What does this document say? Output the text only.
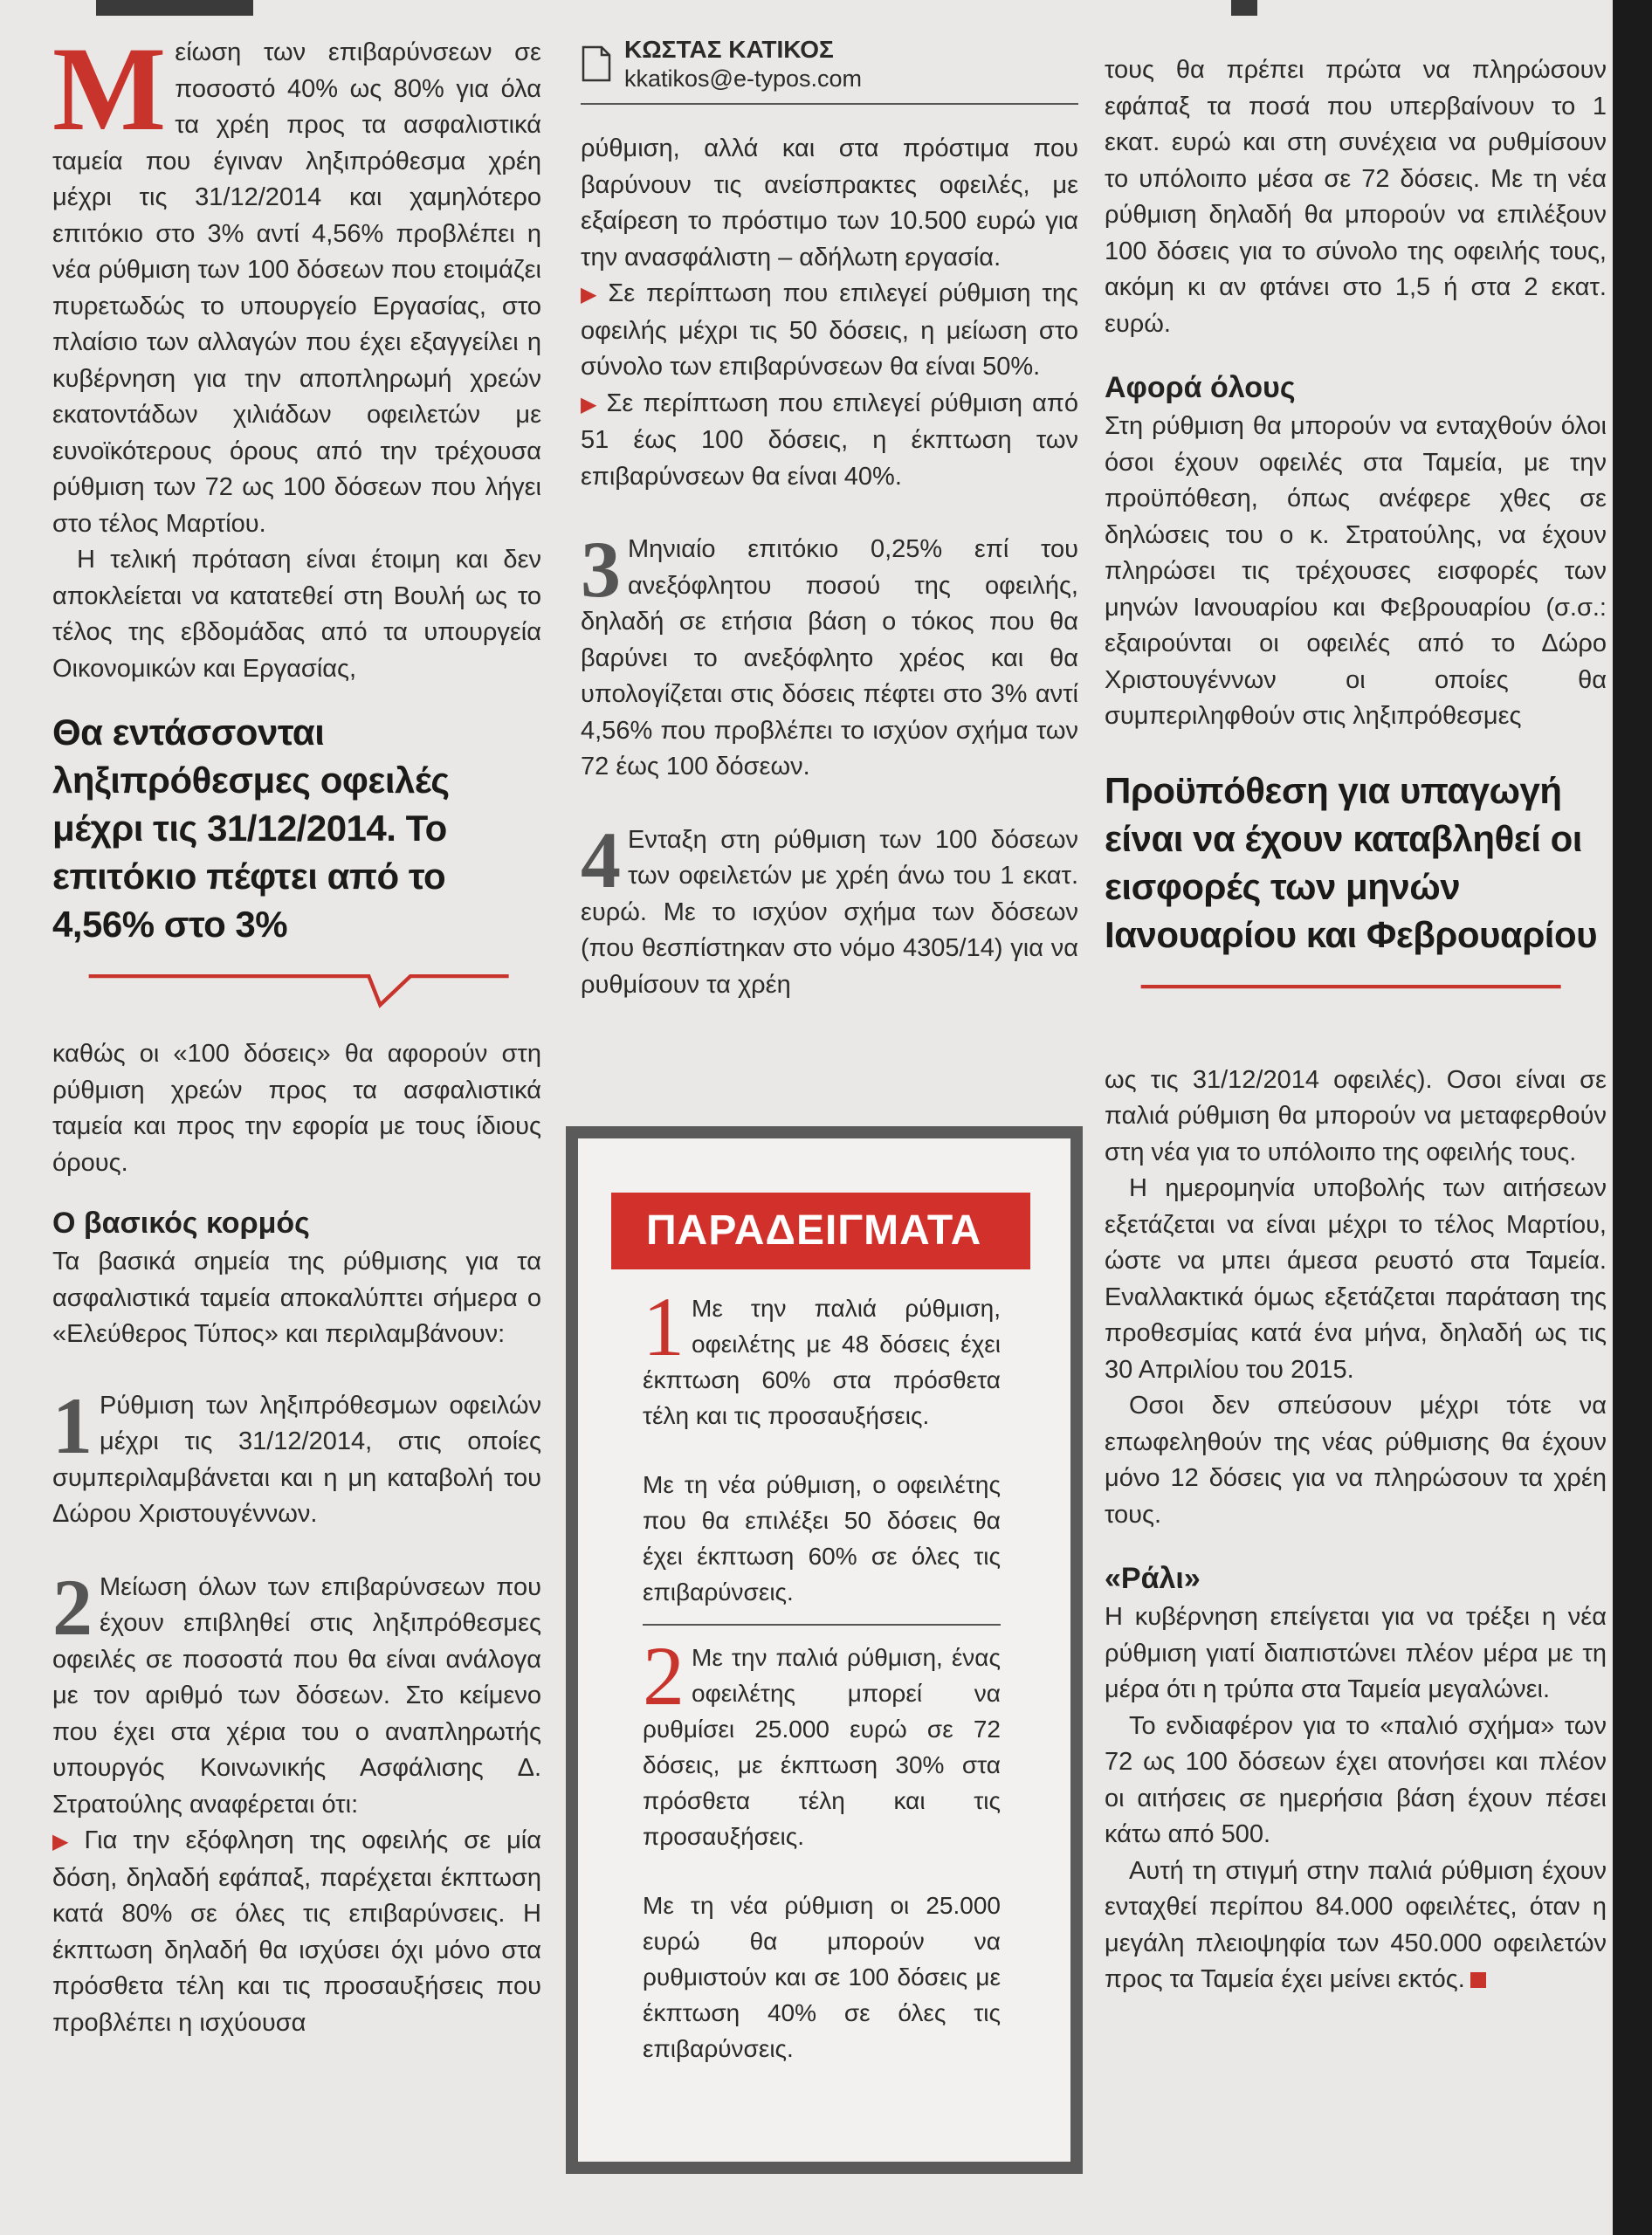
Μείωση των επιβαρύνσεων σε ποσοστό 40% ως 80% για όλα τα χρέη προς τα ασφαλιστικά ταμεία που έγιναν ληξιπρόθεσμα χρέη μέχρι τις 31/12/2014 και χαμηλότερο επιτόκιο στο 3% αντί 4,56% προβλέπει η νέα ρύθμιση των 100 δόσεων που ετοιμάζει πυρετωδώς το υπουργείο Εργασίας, στο πλαίσιο των αλλαγών που έχει εξαγγείλει η κυβέρνηση για την αποπληρωμή χρεών εκατοντάδων χιλιάδων οφειλετών με ευνοϊκότερους όρους από την τρέχουσα ρύθμιση των 72 ως 100 δόσεων που λήγει στο τέλος Μαρτίου.

Η τελική πρόταση είναι έτοιμη και δεν αποκλείεται να κατατεθεί στη Βουλή ως το τέλος της εβδομάδας από τα υπουργεία Οικονομικών και Εργασίας,

Θα εντάσσονται ληξιπρόθεσμες οφειλές μέχρι τις 31/12/2014. Το επιτόκιο πέφτει από το 4,56% στο 3%

καθώς οι «100 δόσεις» θα αφορούν στη ρύθμιση χρεών προς τα ασφαλιστικά ταμεία και προς την εφορία με τους ίδιους όρους.

Ο βασικός κορμός

Τα βασικά σημεία της ρύθμισης για τα ασφαλιστικά ταμεία αποκαλύπτει σήμερα ο «Ελεύθερος Τύπος» και περιλαμβάνουν:

1 Ρύθμιση των ληξιπρόθεσμων οφειλών μέχρι τις 31/12/2014, στις οποίες συμπεριλαμβάνεται και η μη καταβολή του Δώρου Χριστουγέννων.

2 Μείωση όλων των επιβαρύνσεων που έχουν επιβληθεί στις ληξιπρόθεσμες οφειλές σε ποσοστά που θα είναι ανάλογα με τον αριθμό των δόσεων. Στο κείμενο που έχει στα χέρια του ο αναπληρωτής υπουργός Κοινωνικής Ασφάλισης Δ. Στρατούλης αναφέρεται ότι:

▶ Για την εξόφληση της οφειλής σε μία δόση, δηλαδή εφάπαξ, παρέχεται έκπτωση κατά 80% σε όλες τις επιβαρύνσεις. Η έκπτωση δηλαδή θα ισχύσει όχι μόνο στα πρόσθετα τέλη και τις προσαυξήσεις που προβλέπει η ισχύουσα

ΚΩΣΤΑΣ ΚΑΤΙΚΟΣ
kkatikos@e-typos.com

ρύθμιση, αλλά και στα πρόστιμα που βαρύνουν τις ανείσπρακτες οφειλές, με εξαίρεση το πρόστιμο των 10.500 ευρώ για την ανασφάλιστη – αδήλωτη εργασία.

▶ Σε περίπτωση που επιλεγεί ρύθμιση της οφειλής μέχρι τις 50 δόσεις, η μείωση στο σύνολο των επιβαρύνσεων θα είναι 50%.

▶ Σε περίπτωση που επιλεγεί ρύθμιση από 51 έως 100 δόσεις, η έκπτωση των επιβαρύνσεων θα είναι 40%.

3 Μηνιαίο επιτόκιο 0,25% επί του ανεξόφλητου ποσού της οφειλής, δηλαδή σε ετήσια βάση ο τόκος που θα βαρύνει το ανεξόφλητο χρέος και θα υπολογίζεται στις δόσεις πέφτει στο 3% αντί 4,56% που προβλέπει το ισχύον σχήμα των 72 έως 100 δόσεων.

4 Ενταξη στη ρύθμιση των 100 δόσεων των οφειλετών με χρέη άνω του 1 εκατ. ευρώ. Με το ισχύον σχήμα των δόσεων (που θεσπίστηκαν στο νόμο 4305/14) για να ρυθμίσουν τα χρέη

ΠΑΡΑΔΕΙΓΜΑΤΑ

1 Με την παλιά ρύθμιση, οφειλέτης με 48 δόσεις έχει έκπτωση 60% στα πρόσθετα τέλη και τις προσαυξήσεις.

Με τη νέα ρύθμιση, ο οφειλέτης που θα επιλέξει 50 δόσεις θα έχει έκπτωση 60% σε όλες τις επιβαρύνσεις.

2 Με την παλιά ρύθμιση, ένας οφειλέτης μπορεί να ρυθμίσει 25.000 ευρώ σε 72 δόσεις, με έκπτωση 30% στα πρόσθετα τέλη και τις προσαυξήσεις.

Με τη νέα ρύθμιση οι 25.000 ευρώ θα μπορούν να ρυθμιστούν και σε 100 δόσεις με έκπτωση 40% σε όλες τις επιβαρύνσεις.

τους θα πρέπει πρώτα να πληρώσουν εφάπαξ τα ποσά που υπερβαίνουν το 1 εκατ. ευρώ και στη συνέχεια να ρυθμίσουν το υπόλοιπο μέσα σε 72 δόσεις. Με τη νέα ρύθμιση δηλαδή θα μπορούν να επιλέξουν 100 δόσεις για το σύνολο της οφειλής τους, ακόμη κι αν φτάνει στο 1,5 ή στα 2 εκατ. ευρώ.

Αφορά όλους

Στη ρύθμιση θα μπορούν να ενταχθούν όλοι όσοι έχουν οφειλές στα Ταμεία, με την προϋπόθεση, όπως ανέφερε χθες σε δηλώσεις του ο κ. Στρατούλης, να έχουν πληρώσει τις τρέχουσες εισφορές των μηνών Ιανουαρίου και Φεβρουαρίου (σ.σ.: εξαιρούνται οι οφειλές από το Δώρο Χριστουγέννων οι οποίες θα συμπεριληφθούν στις ληξιπρόθεσμες

Προϋπόθεση για υπαγωγή είναι να έχουν καταβληθεί οι εισφορές των μηνών Ιανουαρίου και Φεβρουαρίου

ως τις 31/12/2014 οφειλές). Οσοι είναι σε παλιά ρύθμιση θα μπορούν να μεταφερθούν στη νέα για το υπόλοιπο της οφειλής τους.

Η ημερομηνία υποβολής των αιτήσεων εξετάζεται να είναι μέχρι το τέλος Μαρτίου, ώστε να μπει άμεσα ρευστό στα Ταμεία. Εναλλακτικά όμως εξετάζεται παράταση της προθεσμίας κατά ένα μήνα, δηλαδή ως τις 30 Απριλίου του 2015.

Οσοι δεν σπεύσουν μέχρι τότε να επωφεληθούν της νέας ρύθμισης θα έχουν μόνο 12 δόσεις για να πληρώσουν τα χρέη τους.

«Ράλι»

Η κυβέρνηση επείγεται για να τρέξει η νέα ρύθμιση γιατί διαπιστώνει πλέον μέρα με τη μέρα ότι η τρύπα στα Ταμεία μεγαλώνει.

Το ενδιαφέρον για το «παλιό σχήμα» των 72 ως 100 δόσεων έχει ατονήσει και πλέον οι αιτήσεις σε ημερήσια βάση έχουν πέσει κάτω από 500.

Αυτή τη στιγμή στην παλιά ρύθμιση έχουν ενταχθεί περίπου 84.000 οφειλέτες, όταν η μεγάλη πλειοψηφία των 450.000 οφειλετών προς τα Ταμεία έχει μείνει εκτός.
